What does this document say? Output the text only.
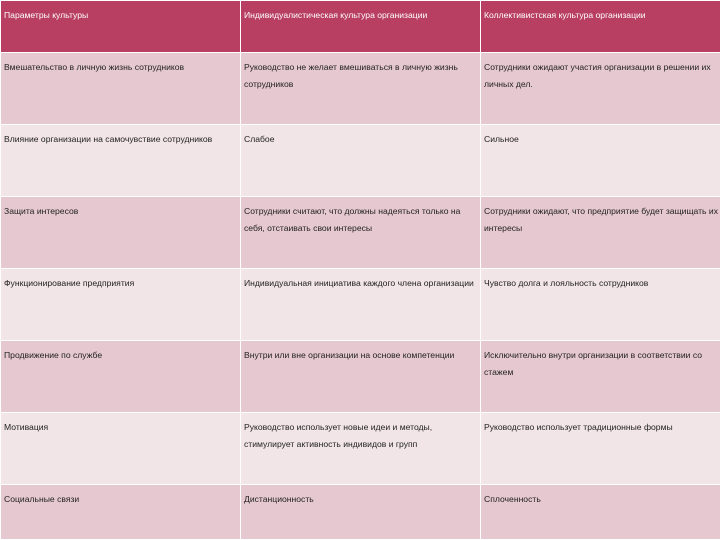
Параметры культуры	Индивидуалистическая культура организации	Коллективистская культура организации
Вмешательство в личную жизнь сотрудников	Руководство не желает вмешиваться в личную жизнь сотрудников	Сотрудники ожидают участия организации в решении их личных дел.
Влияние организации на самочувствие сотрудников	Слабое	Сильное
Защита интересов	Сотрудники считают, что должны надеяться только на себя, отстаивать свои интересы	Сотрудники ожидают, что предприятие будет защищать их интересы
Функционирование предприятия	Индивидуальная инициатива каждого члена организации	Чувство долга и лояльность сотрудников
Продвижение по службе	Внутри или вне организации на основе компетенции	Исключительно внутри организации в соответствии со стажем
Мотивация	Руководство использует новые идеи и методы, стимулирует активность индивидов и групп	Руководство использует традиционные формы
Социальные связи	Дистанционность	Сплоченность
